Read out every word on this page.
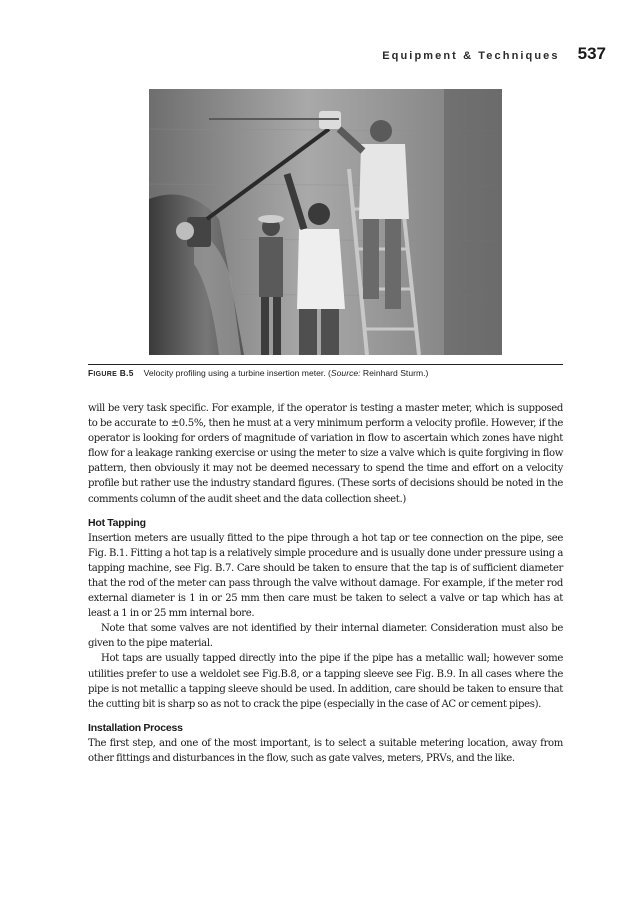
Equipment & Techniques 537
FIGURE B.5 Velocity profiling using a turbine insertion meter. (Source: Reinhard Sturm.)

will be very task specific. For example, if the operator is testing a master meter, which is supposed to be accurate to ±0.5%, then he must at a very minimum perform a velocity profile. However, if the operator is looking for orders of magnitude of variation in flow to ascertain which zones have night flow for a leakage ranking exercise or using the meter to size a valve which is quite forgiving in flow pattern, then obviously it may not be deemed necessary to spend the time and effort on a velocity profile but rather use the industry standard figures. (These sorts of decisions should be noted in the comments column of the audit sheet and the data collection sheet.)

Hot Tapping

Insertion meters are usually fitted to the pipe through a hot tap or tee connection on the pipe, see Fig. B.1. Fitting a hot tap is a relatively simple procedure and is usually done under pressure using a tapping machine, see Fig. B.7. Care should be taken to ensure that the tap is of sufficient diameter that the rod of the meter can pass through the valve without damage. For example, if the meter rod external diameter is 1 in or 25 mm then care must be taken to select a valve or tap which has at least a 1 in or 25 mm internal bore.

Note that some valves are not identified by their internal diameter. Consideration must also be given to the pipe material.

Hot taps are usually tapped directly into the pipe if the pipe has a metallic wall; however some utilities prefer to use a weldolet see Fig.B.8, or a tapping sleeve see Fig. B.9. In all cases where the pipe is not metallic a tapping sleeve should be used. In addition, care should be taken to ensure that the cutting bit is sharp so as not to crack the pipe (especially in the case of AC or cement pipes).

Installation Process

The first step, and one of the most important, is to select a suitable metering location, away from other fittings and disturbances in the flow, such as gate valves, meters, PRVs, and the like.
